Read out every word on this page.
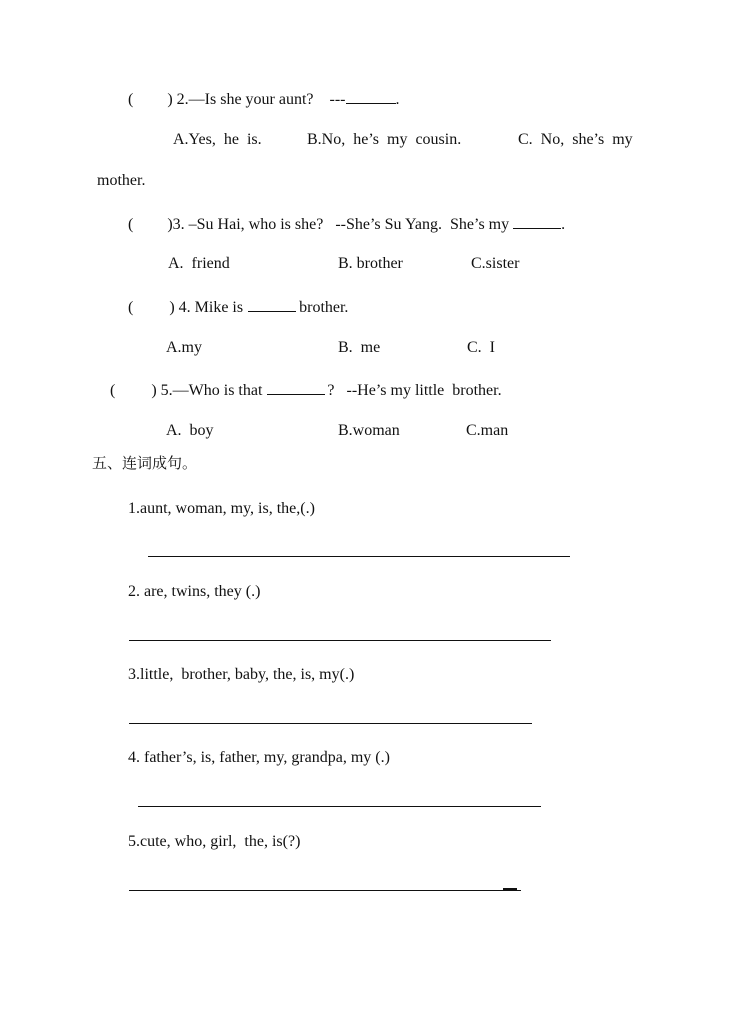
( ) 2.—Is she your aunt?    ---	.
A.Yes,  he  is.	B.No,  he’s  my  cousin.	C.  No,  she’s  my
mother.
( )3. –Su Hai, who is she?   --She’s Su Yang.  She’s my	.
A.  friend	B. brother	C.sister
( ) 4. Mike is	brother.
A.my	B.  me	C.  I
( ) 5.—Who is that	?   --He’s my little  brother.
A.  boy	B.woman	C.man
五、连词成句。
1.aunt, woman, my, is, the,(.)
2. are, twins, they (.)
3.little,  brother, baby, the, is, my(.)
4. father’s, is, father, my, grandpa, my (.)
5.cute, who, girl,  the, is(?)
